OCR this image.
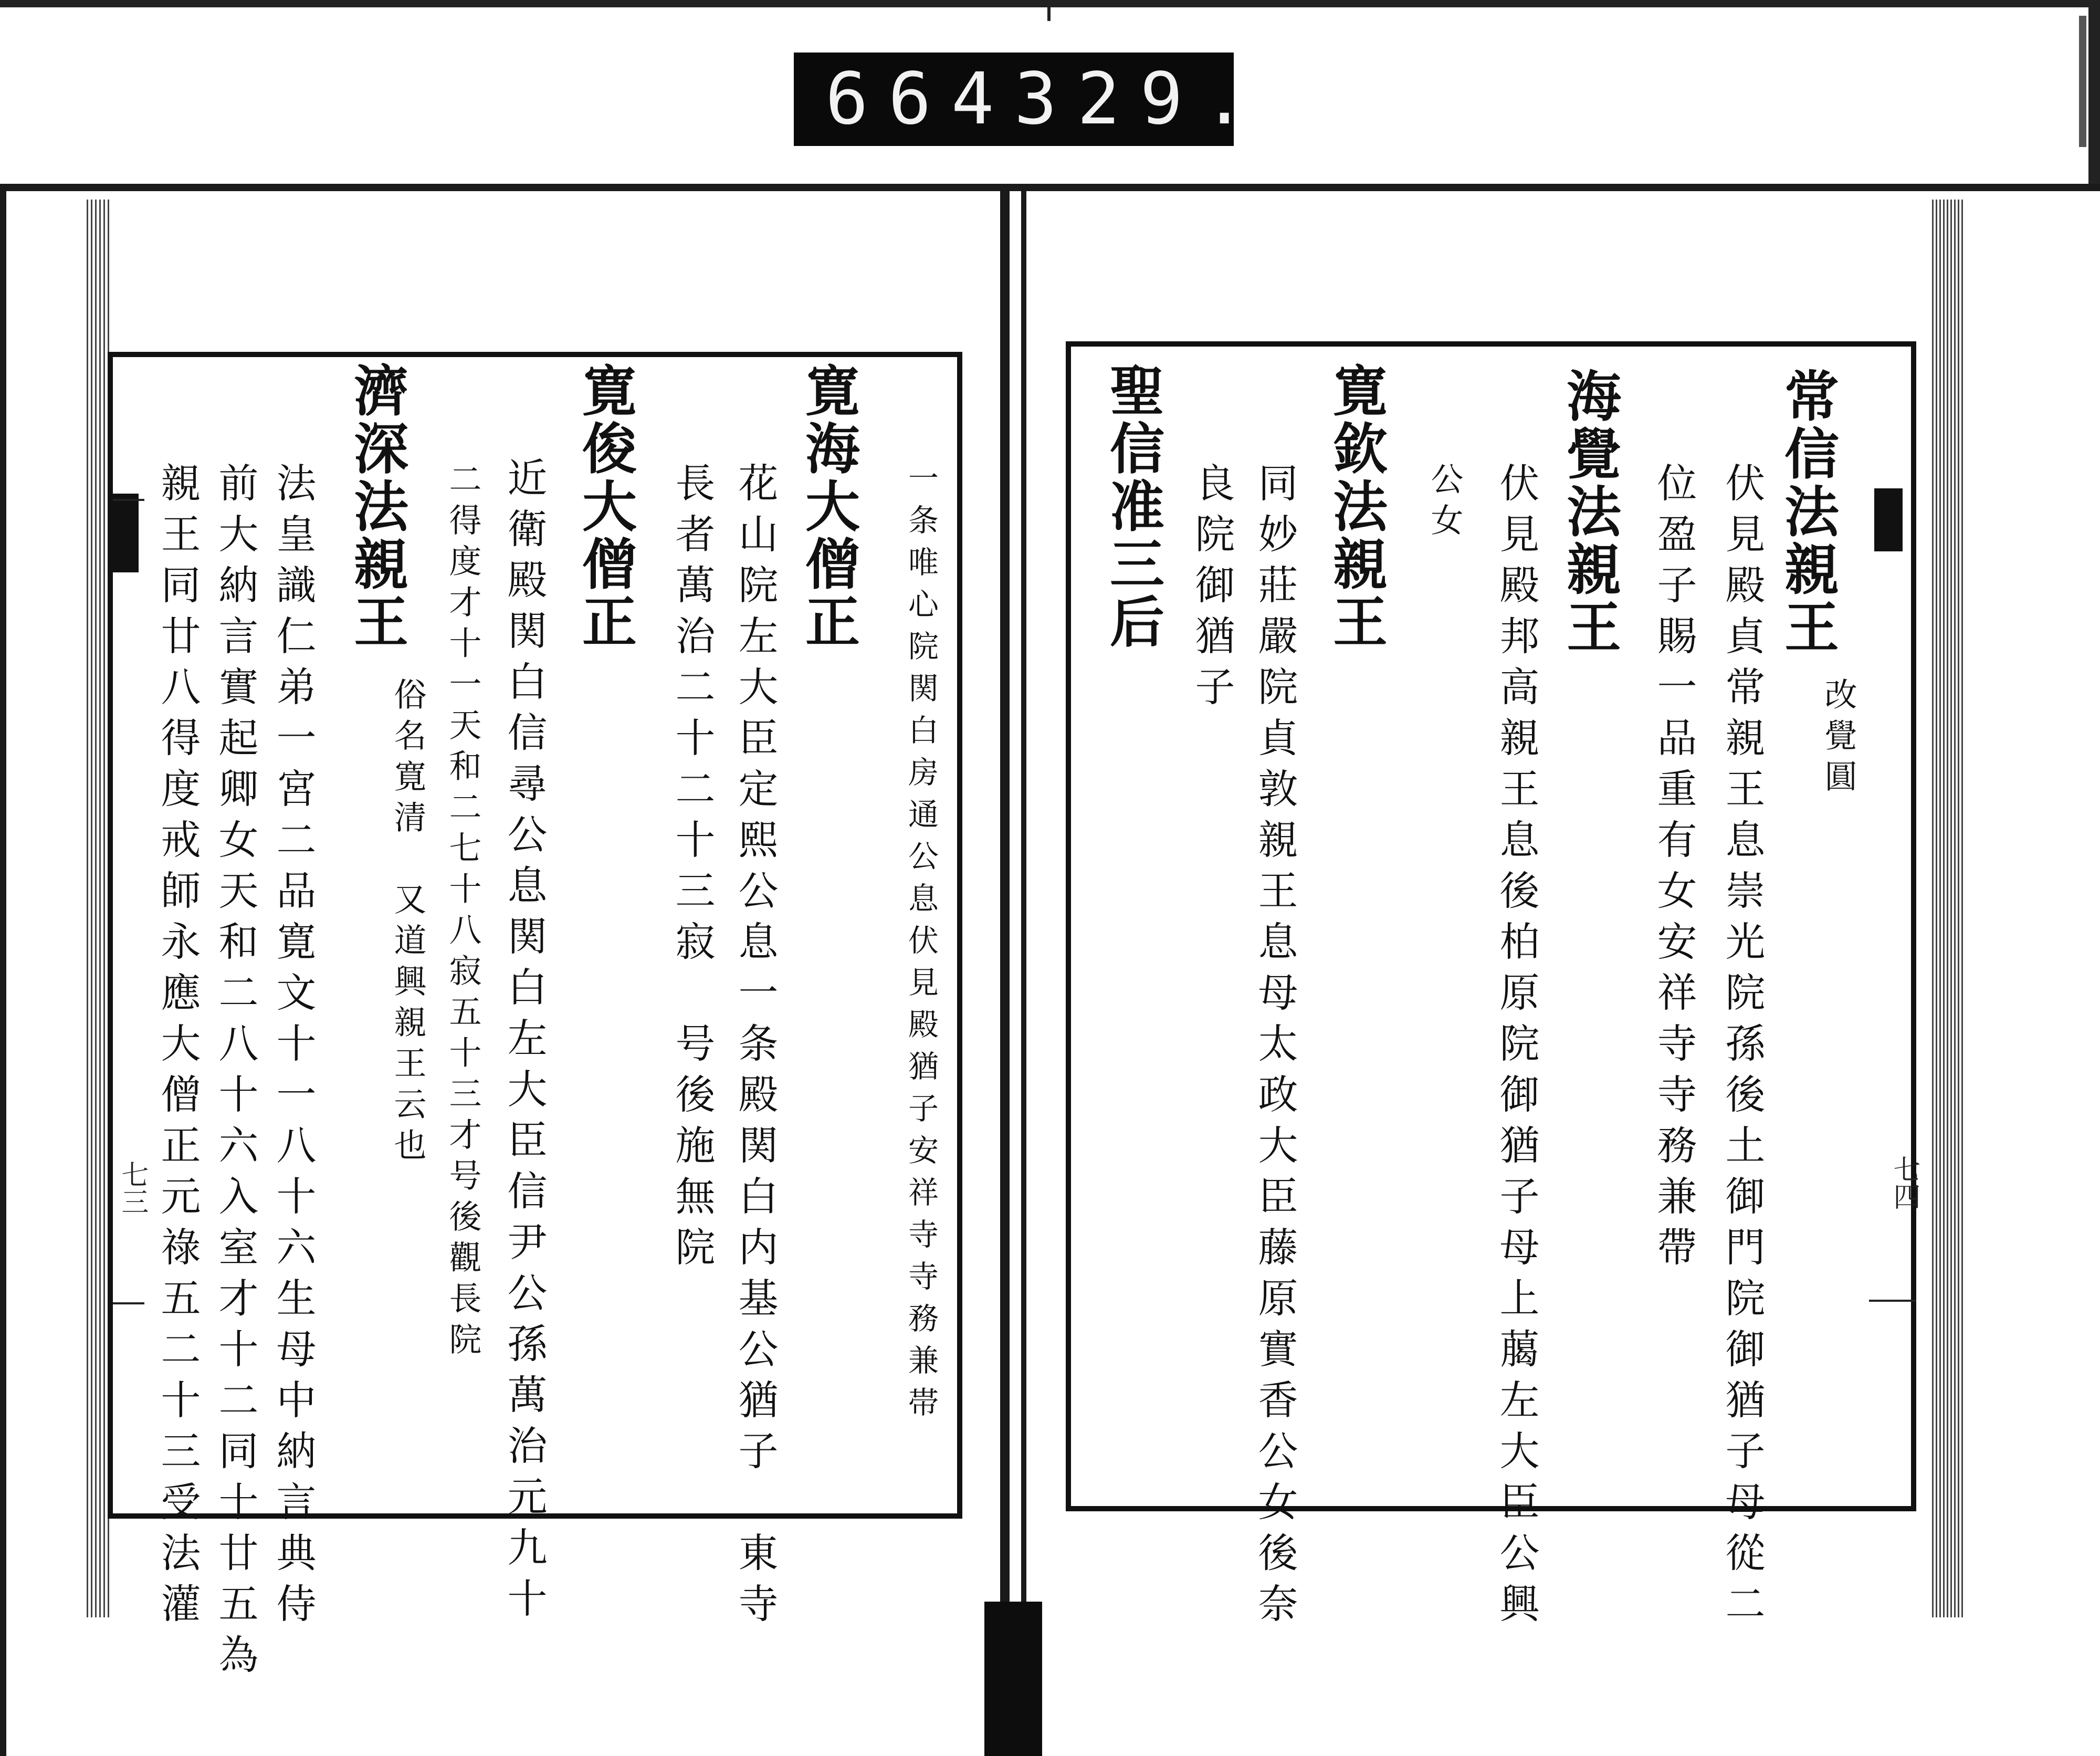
664 329.
七三	七四
常信法親王
改覺圓
伏見殿貞常親王息崇光院孫後土御門院御猶子母從二
位盈子賜一品重有女安祥寺寺務兼帶
海覺法親王
伏見殿邦高親王息後柏原院御猶子母上﨟左大臣公興
公女
寛欽法親王
同妙莊嚴院貞敦親王息母太政大臣藤原實香公女後奈
良院御猶子
聖信准三后
一条唯心院関白房通公息伏見殿猶子安祥寺寺務兼帯
寛海大僧正
花山院左大臣定熙公息一条殿関白内基公猶子　東寺
長者萬治二十二十三寂　号後施無院
寛俊大僧正
近衛殿関白信尋公息関白左大臣信尹公孫萬治元九十
二得度才十一天和二七十八寂五十三才号後觀長院
俗名寛清　又道興親王云也
濟深法親王
法皇識仁弟一宮二品寛文十一八十六生母中納言典侍
前大納言實起卿女天和二八十六入室才十二同十廿五為
親王同廿八得度戒師永應大僧正元祿五二十三受法灌
